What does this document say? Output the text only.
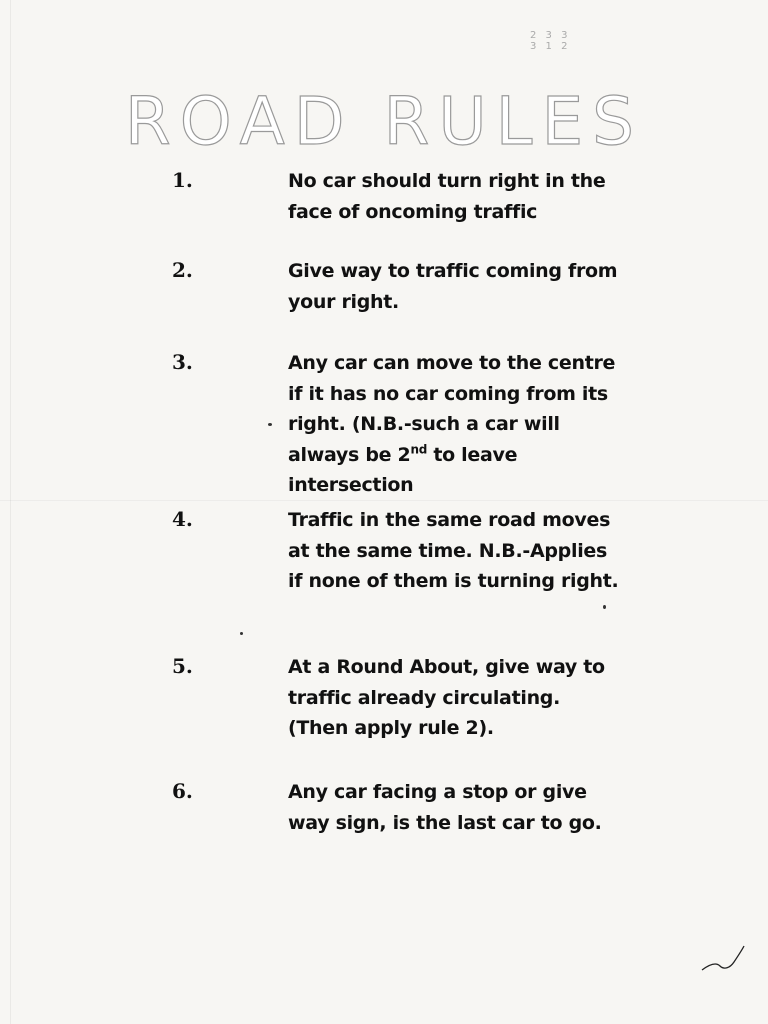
2 3 3
3 1 2
ROAD RULES
1.	No car should turn right in the
face of oncoming traffic
2.	Give way to traffic coming from
your right.
3.	Any car can move to the centre
if it has no car coming from its
right. (N.B.-such a car will
always be 2nd to leave
intersection
4.	Traffic in the same road moves
at the same time. N.B.-Applies
if none of them is turning right.
5.	At a Round About, give way to
traffic already circulating.
(Then apply rule 2).
6.	Any car facing a stop or give
way sign, is the last car to go.
